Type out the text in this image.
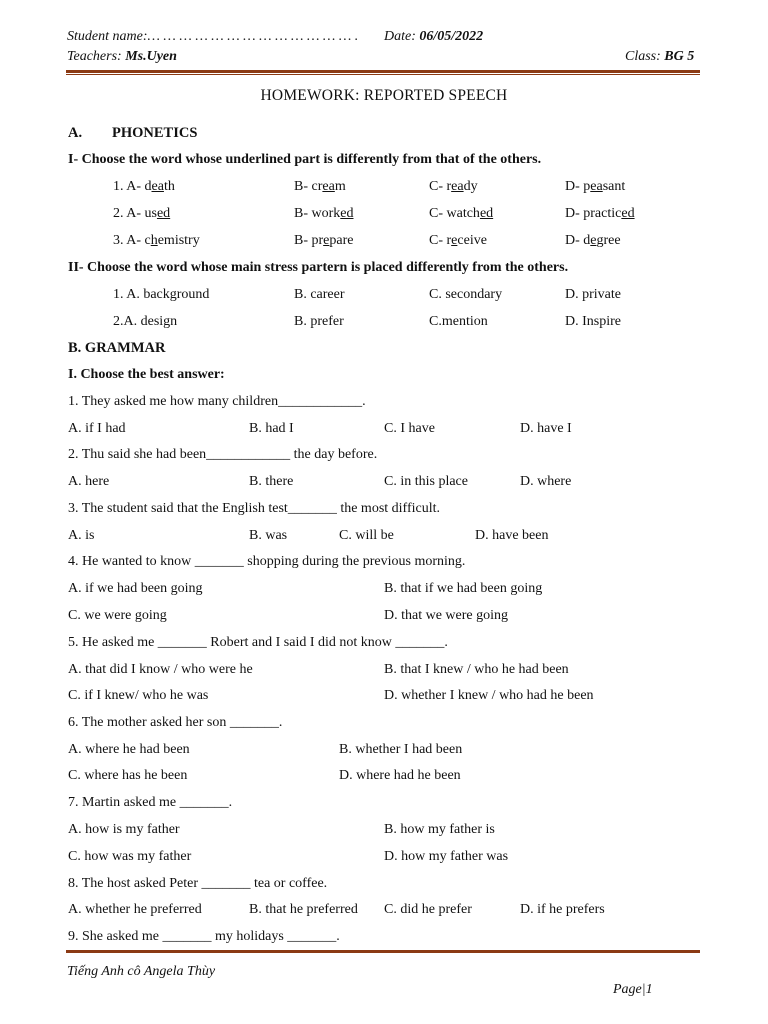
Student name:… … … … … … … … … … … … … . Date: 06/05/2022
Teachers: Ms.Uyen	Class: BG 5
HOMEWORK: REPORTED SPEECH
A. PHONETICS
I- Choose the word whose underlined part is differently from that of the others.
1. A- death	B- cream	C- ready	D- peasant
2. A- used	B- worked	C- watched	D- practiced
3. A- chemistry	B- prepare	C- receive	D- degree
II- Choose the word whose main stress partern is placed differently from the others.
1. A. background	B. career	C. secondary	D. private
2.A. design	B. prefer	C.mention	D. Inspire
B. GRAMMAR
I. Choose the best answer:
1. They asked me how many children____________.
A. if I had	B. had I	C. I have	D. have I
2. Thu said she had been____________ the day before.
A. here	B. there	C. in this place	D. where
3. The student said that the English test_______ the most difficult.
A. is	B. was	C. will be	D. have been
4. He wanted to know _______ shopping during the previous morning.
A. if we had been going	B. that if we had been going
C. we were going	D. that we were going
5. He asked me _______ Robert and I said I did not know _______.
A. that did I know / who were he	B. that I knew / who he had been
C. if I knew/ who he was	D. whether I knew / who had he been
6. The mother asked her son _______.
A. where he had been	B. whether I had been
C. where has he been	D. where had he been
7. Martin asked me _______.
A. how is my father	B. how my father is
C. how was my father	D. how my father was
8. The host asked Peter _______ tea or coffee.
A. whether he preferred	B. that he preferred C. did he prefer	D. if he prefers
9. She asked me _______ my holidays _______.
Tiếng Anh cô Angela Thùy
Page|1
